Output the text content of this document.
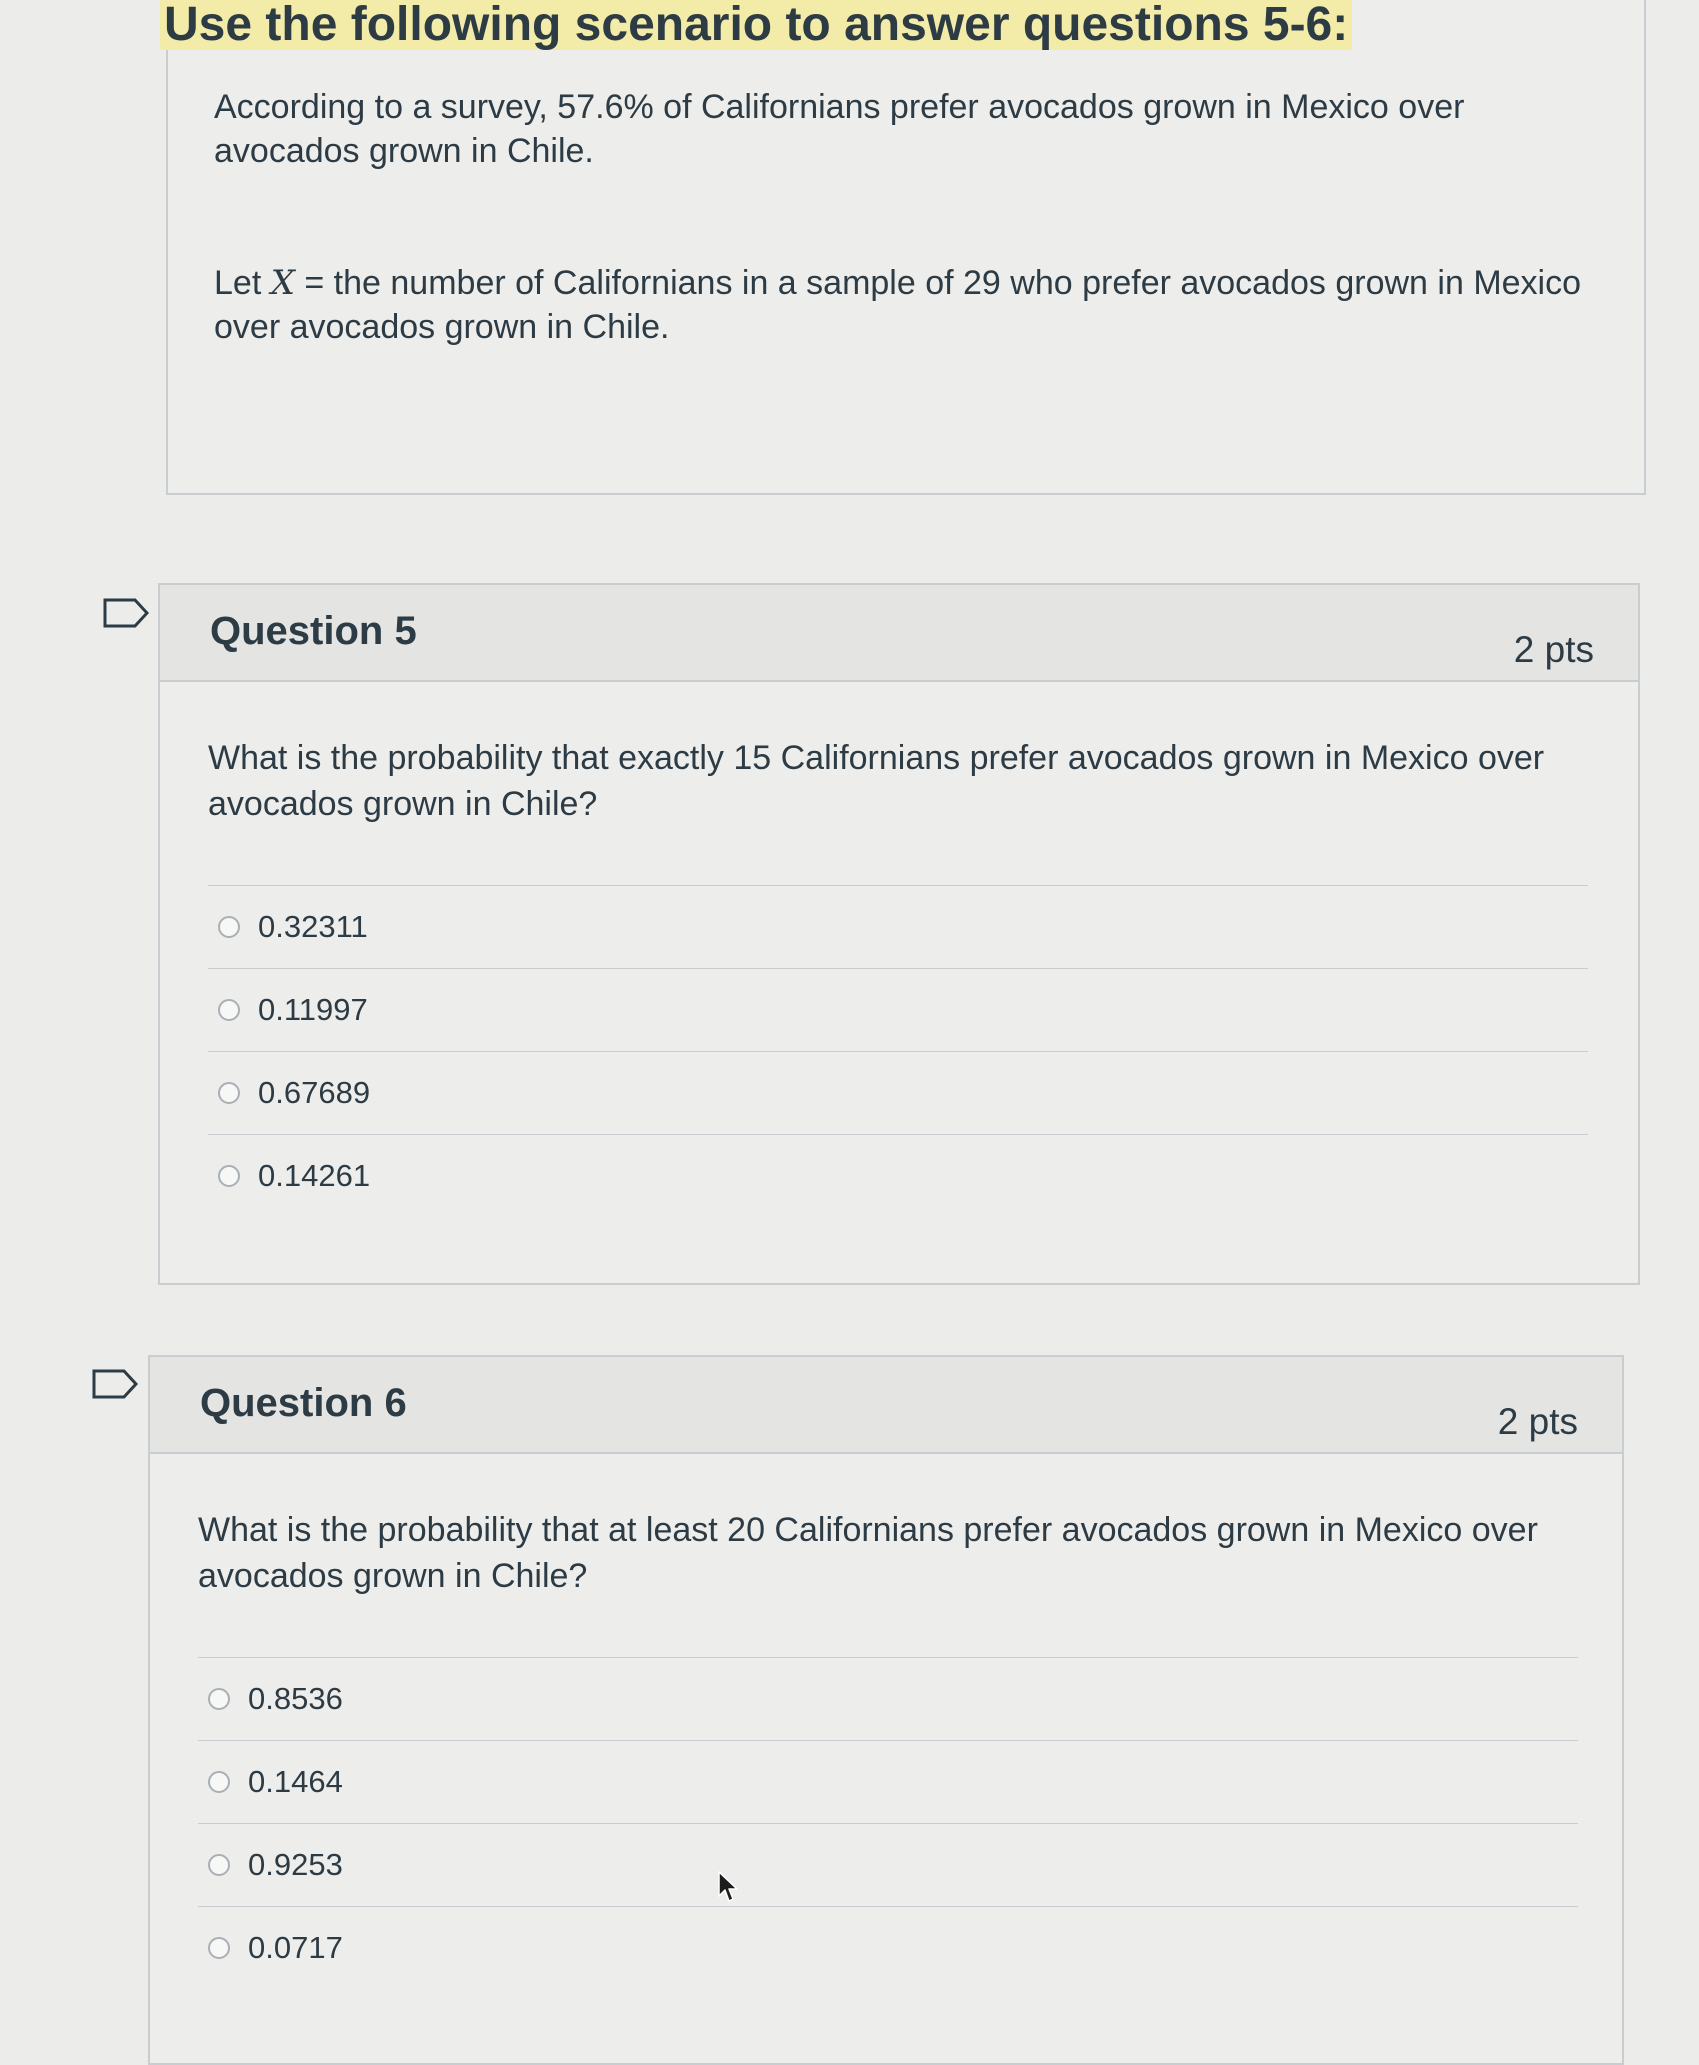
According to a survey, 57.6% of Californians prefer avocados grown in Mexico over avocados grown in Chile.

Let X = the number of Californians in a sample of 29 who prefer avocados grown in Mexico over avocados grown in Chile.

Use the following scenario to answer questions 5-6:
Question 5	2 pts

What is the probability that exactly 15 Californians prefer avocados grown in Mexico over avocados grown in Chile?

0.32311
0.11997
0.67689
0.14261
Question 6	2 pts

What is the probability that at least 20 Californians prefer avocados grown in Mexico over avocados grown in Chile?

0.8536
0.1464
0.9253
0.0717
